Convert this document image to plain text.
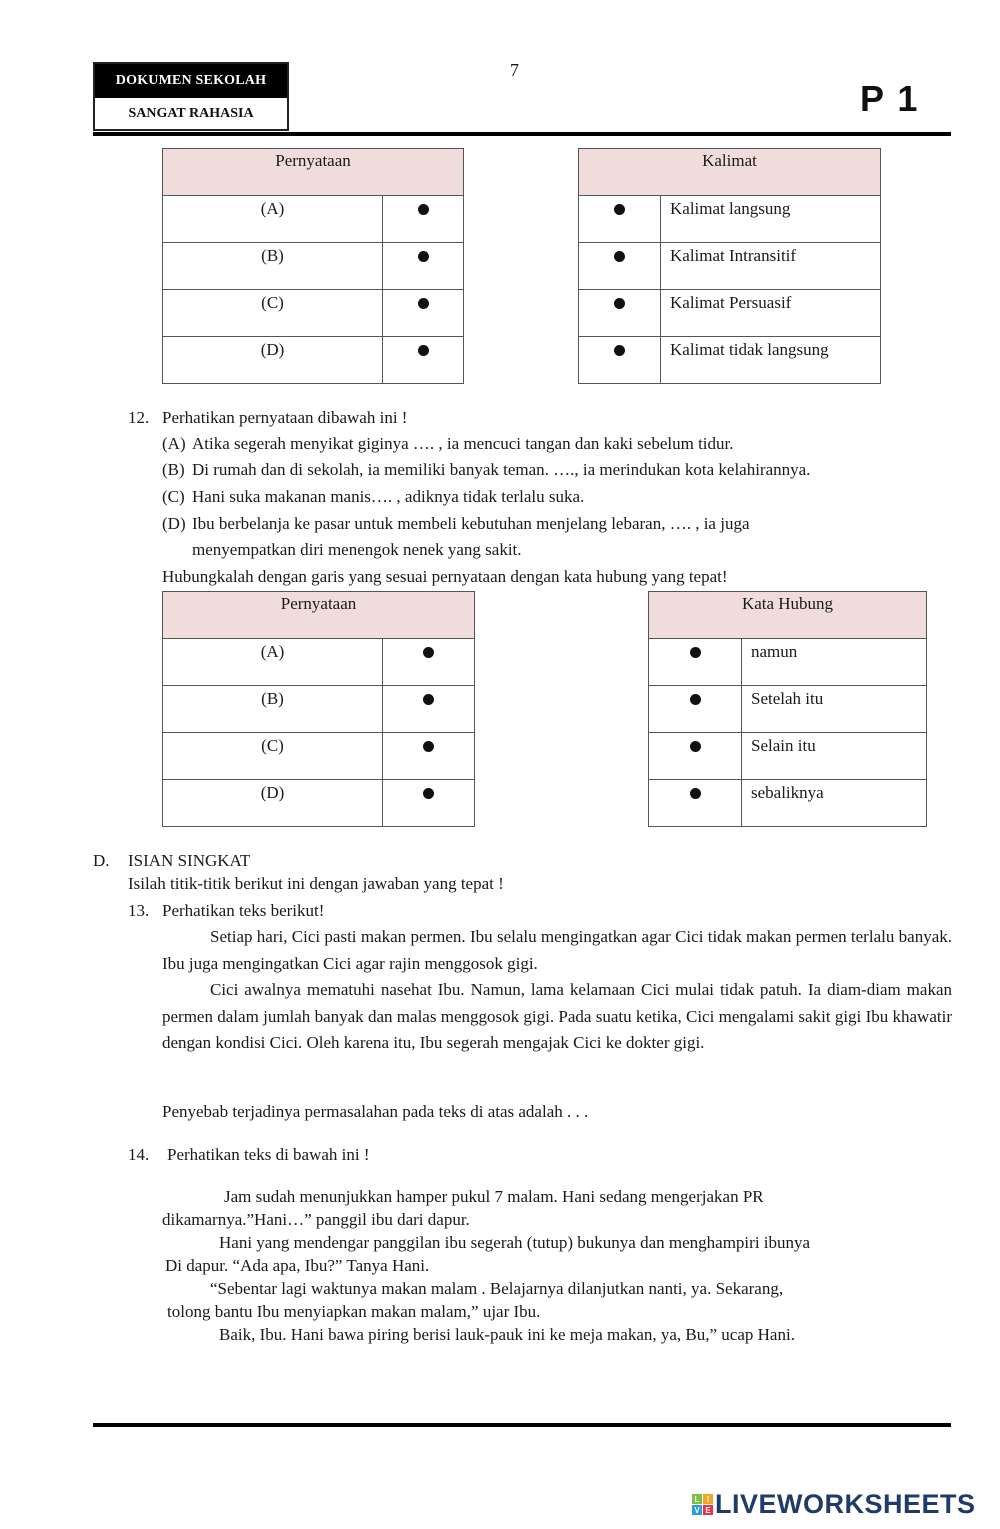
DOKUMEN SEKOLAH
SANGAT RAHASIA
7
P 1
Pernyataan	
(A)	
(B)	
(C)	
(D)	
Kalimat	
	Kalimat langsung
	Kalimat Intransitif
	Kalimat Persuasif
	Kalimat tidak langsung
12. Perhatikan pernyataan dibawah ini !
(A) Atika segerah menyikat giginya …. , ia mencuci tangan dan kaki sebelum tidur.
(B) Di rumah dan di sekolah, ia memiliki banyak teman. …., ia merindukan kota kelahirannya.
(C) Hani suka makanan manis…. , adiknya tidak terlalu suka.
(D) Ibu berbelanja ke pasar untuk membeli kebutuhan menjelang lebaran, …. , ia juga
menyempatkan diri menengok nenek yang sakit.
Hubungkalah dengan garis yang sesuai pernyataan dengan kata hubung yang tepat!
Pernyataan	
(A)	
(B)	
(C)	
(D)	
Kata Hubung	
	namun
	Setelah itu
	Selain itu
	sebaliknya
D. ISIAN SINGKAT
Isilah titik-titik berikut ini dengan jawaban yang tepat !
13. Perhatikan teks berikut!
Setiap hari, Cici pasti makan permen. Ibu selalu mengingatkan agar Cici tidak makan permen terlalu banyak. Ibu juga mengingatkan Cici agar rajin menggosok gigi.
Cici awalnya mematuhi nasehat Ibu. Namun, lama kelamaan Cici mulai tidak patuh. Ia diam-diam makan permen dalam jumlah banyak dan malas menggosok gigi. Pada suatu ketika, Cici mengalami sakit gigi Ibu khawatir dengan kondisi Cici. Oleh karena itu, Ibu segerah mengajak Cici ke dokter gigi.
Penyebab terjadinya permasalahan pada teks di atas adalah . . .
14. Perhatikan teks di bawah ini !
Jam sudah menunjukkan hamper pukul 7 malam. Hani sedang mengerjakan PR
dikamarnya.”Hani…” panggil ibu dari dapur.
Hani yang mendengar panggilan ibu segerah (tutup) bukunya dan menghampiri ibunya
Di dapur. “Ada apa, Ibu?” Tanya Hani.
“Sebentar lagi waktunya makan malam . Belajarnya dilanjutkan nanti, ya. Sekarang,
tolong bantu Ibu menyiapkan makan malam,” ujar Ibu.
Baik, Ibu. Hani bawa piring berisi lauk-pauk ini ke meja makan, ya, Bu,” ucap Hani.
L I
V E LIVEWORKSHEETS
